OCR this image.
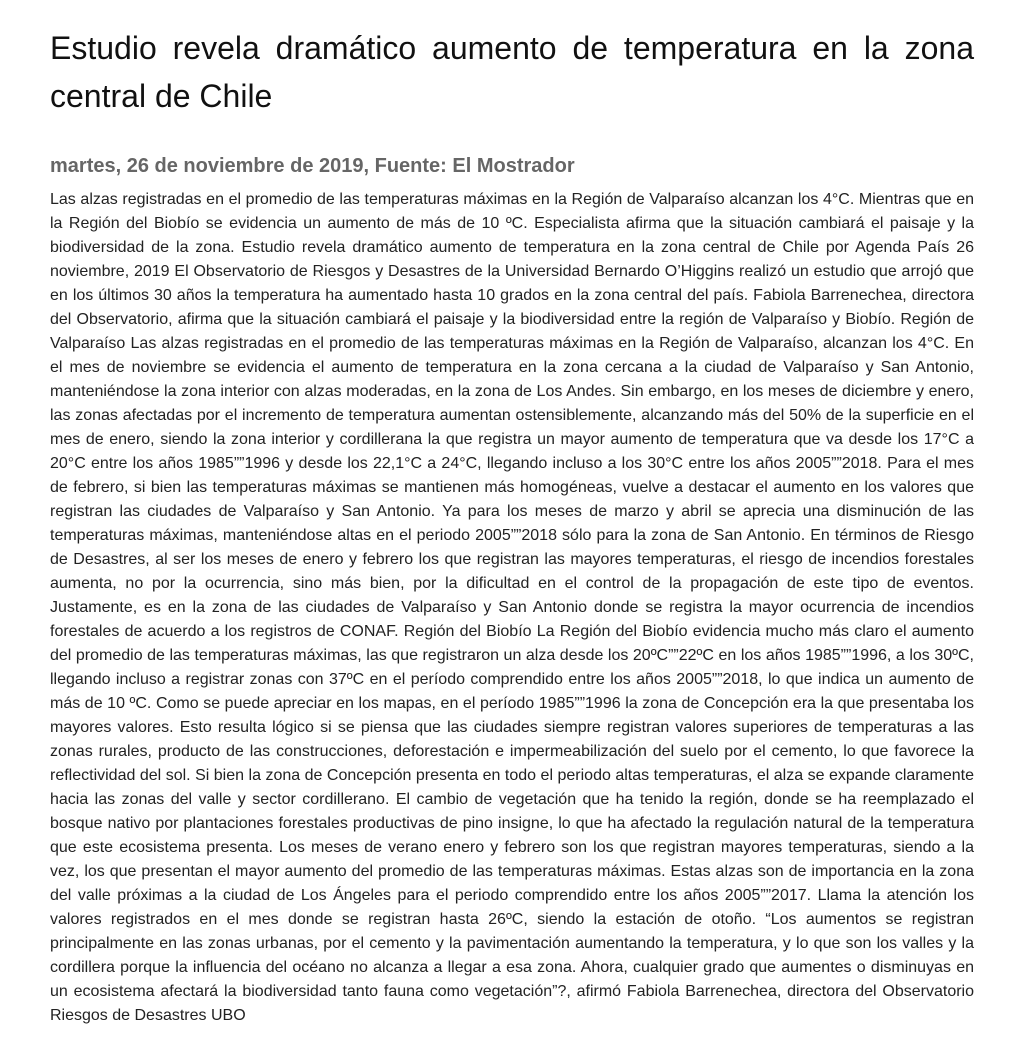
Estudio revela dramático aumento de temperatura en la zona central de Chile
martes, 26 de noviembre de 2019, Fuente: El Mostrador

Las alzas registradas en el promedio de las temperaturas máximas en la Región de Valparaíso alcanzan los 4°C. Mientras que en la Región del Biobío se evidencia un aumento de más de 10 ºC. Especialista afirma que la situación cambiará el paisaje y la biodiversidad de la zona. Estudio revela dramático aumento de temperatura en la zona central de Chile por Agenda País 26 noviembre, 2019 El Observatorio de Riesgos y Desastres de la Universidad Bernardo O’Higgins realizó un estudio que arrojó que en los últimos 30 años la temperatura ha aumentado hasta 10 grados en la zona central del país. Fabiola Barrenechea, directora del Observatorio, afirma que la situación cambiará el paisaje y la biodiversidad entre la región de Valparaíso y Biobío. Región de Valparaíso Las alzas registradas en el promedio de las temperaturas máximas en la Región de Valparaíso, alcanzan los 4°C. En el mes de noviembre se evidencia el aumento de temperatura en la zona cercana a la ciudad de Valparaíso y San Antonio, manteniéndose la zona interior con alzas moderadas, en la zona de Los Andes. Sin embargo, en los meses de diciembre y enero, las zonas afectadas por el incremento de temperatura aumentan ostensiblemente, alcanzando más del 50% de la superficie en el mes de enero, siendo la zona interior y cordillerana la que registra un mayor aumento de temperatura que va desde los 17°C a 20°C entre los años 1985””1996 y desde los 22,1°C a 24°C, llegando incluso a los 30°C entre los años 2005””2018. Para el mes de febrero, si bien las temperaturas máximas se mantienen más homogéneas, vuelve a destacar el aumento en los valores que registran las ciudades de Valparaíso y San Antonio. Ya para los meses de marzo y abril se aprecia una disminución de las temperaturas máximas, manteniéndose altas en el periodo 2005””2018 sólo para la zona de San Antonio. En términos de Riesgo de Desastres, al ser los meses de enero y febrero los que registran las mayores temperaturas, el riesgo de incendios forestales aumenta, no por la ocurrencia, sino más bien, por la dificultad en el control de la propagación de este tipo de eventos. Justamente, es en la zona de las ciudades de Valparaíso y San Antonio donde se registra la mayor ocurrencia de incendios forestales de acuerdo a los registros de CONAF. Región del Biobío La Región del Biobío evidencia mucho más claro el aumento del promedio de las temperaturas máximas, las que registraron un alza desde los 20ºC””22ºC en los años 1985””1996, a los 30ºC, llegando incluso a registrar zonas con 37ºC en el período comprendido entre los años 2005””2018, lo que indica un aumento de más de 10 ºC. Como se puede apreciar en los mapas, en el período 1985””1996 la zona de Concepción era la que presentaba los mayores valores. Esto resulta lógico si se piensa que las ciudades siempre registran valores superiores de temperaturas a las zonas rurales, producto de las construcciones, deforestación e impermeabilización del suelo por el cemento, lo que favorece la reflectividad del sol. Si bien la zona de Concepción presenta en todo el periodo altas temperaturas, el alza se expande claramente hacia las zonas del valle y sector cordillerano. El cambio de vegetación que ha tenido la región, donde se ha reemplazado el bosque nativo por plantaciones forestales productivas de pino insigne, lo que ha afectado la regulación natural de la temperatura que este ecosistema presenta. Los meses de verano enero y febrero son los que registran mayores temperaturas, siendo a la vez, los que presentan el mayor aumento del promedio de las temperaturas máximas. Estas alzas son de importancia en la zona del valle próximas a la ciudad de Los Ángeles para el periodo comprendido entre los años 2005””2017. Llama la atención los valores registrados en el mes donde se registran hasta 26ºC, siendo la estación de otoño. “Los aumentos se registran principalmente en las zonas urbanas, por el cemento y la pavimentación aumentando la temperatura, y lo que son los valles y la cordillera porque la influencia del océano no alcanza a llegar a esa zona. Ahora, cualquier grado que aumentes o disminuyas en un ecosistema afectará la biodiversidad tanto fauna como vegetación”?, afirmó Fabiola Barrenechea, directora del Observatorio Riesgos de Desastres UBO
